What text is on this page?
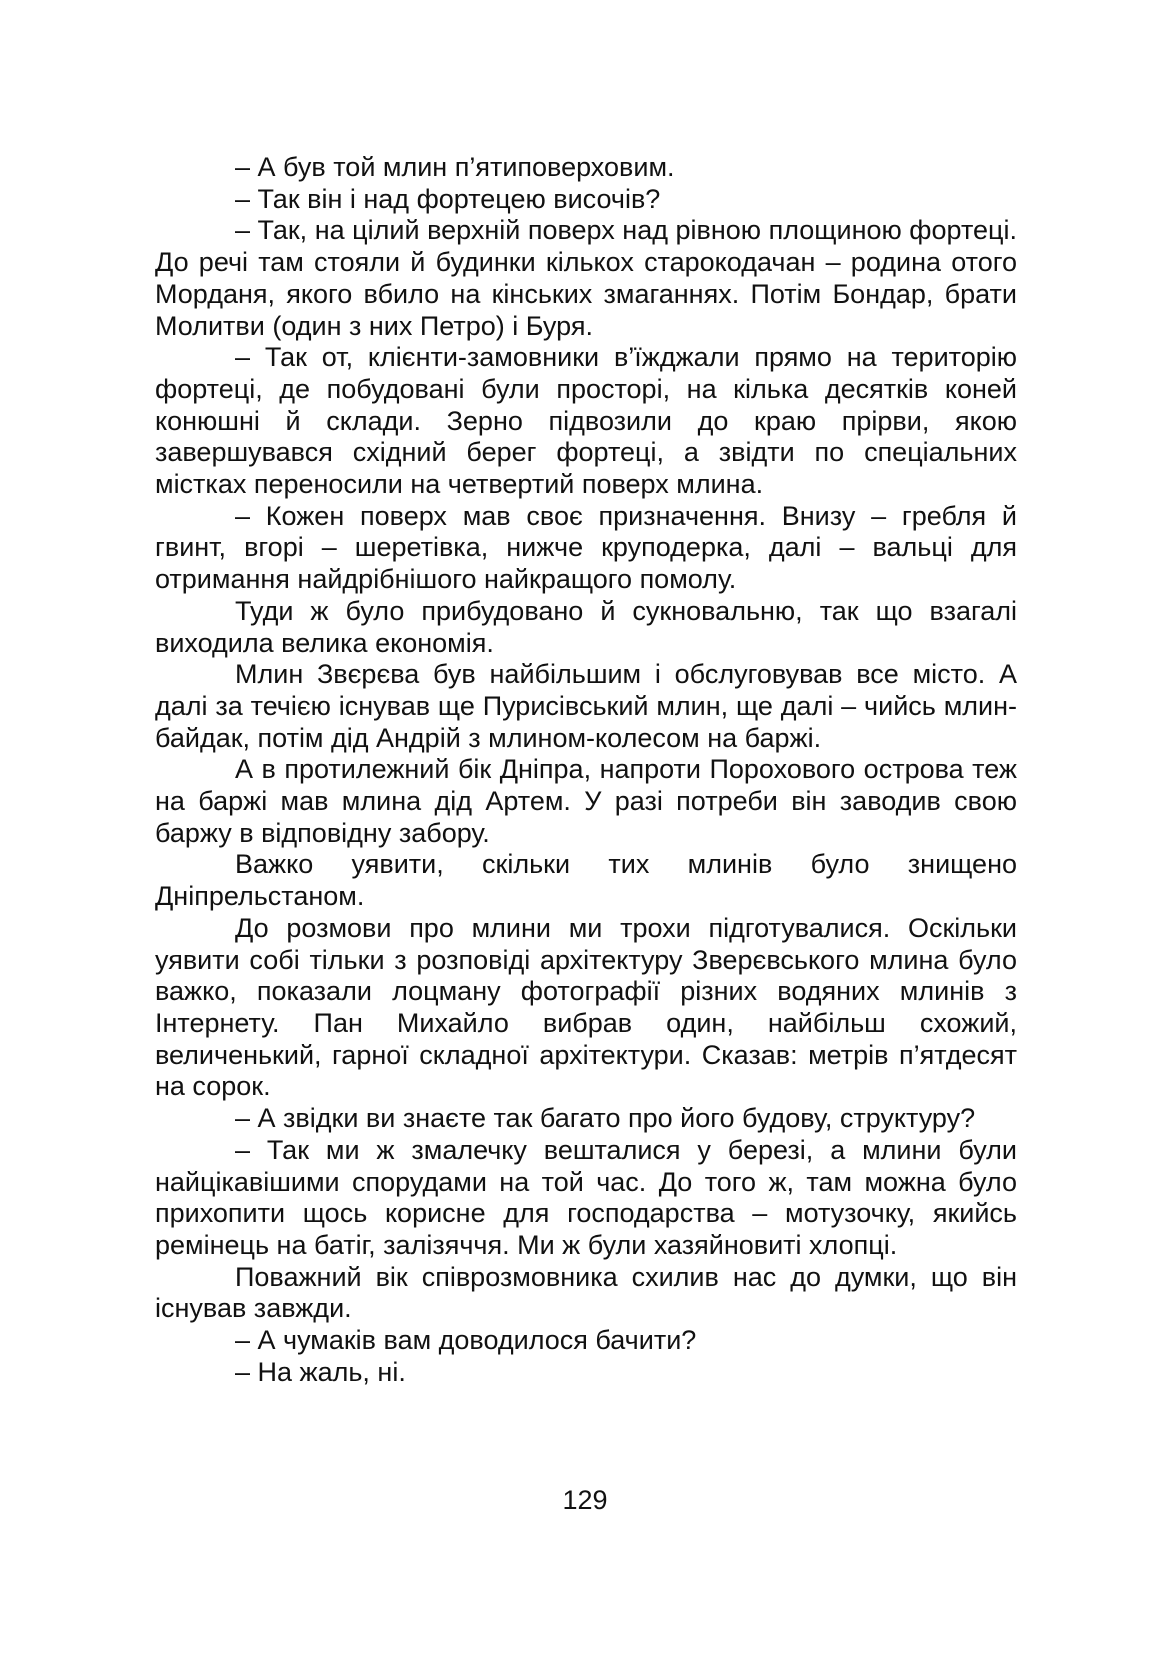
– А був той млин п’ятиповерховим.

– Так він і над фортецею височів?

– Так, на цілий верхній поверх над рівною площиною фортеці. До речі там стояли й будинки кількох старокодачан – родина отого Морданя, якого вбило на кінських змаганнях. Потім Бондар, брати Молитви (один з них Петро) і Буря.

– Так от, клієнти-замовники в’їжджали прямо на територію фортеці, де побудовані були просторі, на кілька десятків коней конюшні й склади. Зерно підвозили до краю прірви, якою завершувався східний берег фортеці, а звідти по спеціальних містках переносили на четвертий поверх млина.

– Кожен поверх мав своє призначення. Внизу – гребля й гвинт, вгорі – шеретівка, нижче круподерка, далі – вальці для отримання найдрібнішого найкращого помолу.

Туди ж було прибудовано й сукновальню, так що взагалі виходила велика економія.

Млин Звєрєва був найбільшим і обслуговував все місто. А далі за течією існував ще Пурисівський млин, ще далі – чийсь млин-байдак, потім дід Андрій з млином-колесом на баржі.

А в протилежний бік Дніпра, напроти Порохового острова теж на баржі мав млина дід Артем. У разі потреби він заводив свою баржу в відповідну забору.

Важко уявити, скільки тих млинів було знищено Дніпрельстаном.

До розмови про млини ми трохи підготувалися. Оскільки уявити собі тільки з розповіді архітектуру Зверєвського млина було важко, показали лоцману фотографії різних водяних млинів з Інтернету. Пан Михайло вибрав один, найбільш схожий, величенький, гарної складної архітектури. Сказав: метрів п’ятдесят на сорок.

– А звідки ви знаєте так багато про його будову, структуру?

– Так ми ж змалечку вешталися у березі, а млини були найцікавішими спорудами на той час. До того ж, там можна було прихопити щось корисне для господарства – мотузочку, якийсь ремінець на батіг, залізяччя. Ми ж були хазяйновиті хлопці.

Поважний вік співрозмовника схилив нас до думки, що він існував завжди.

– А чумаків вам доводилося бачити?

– На жаль, ні.

129
